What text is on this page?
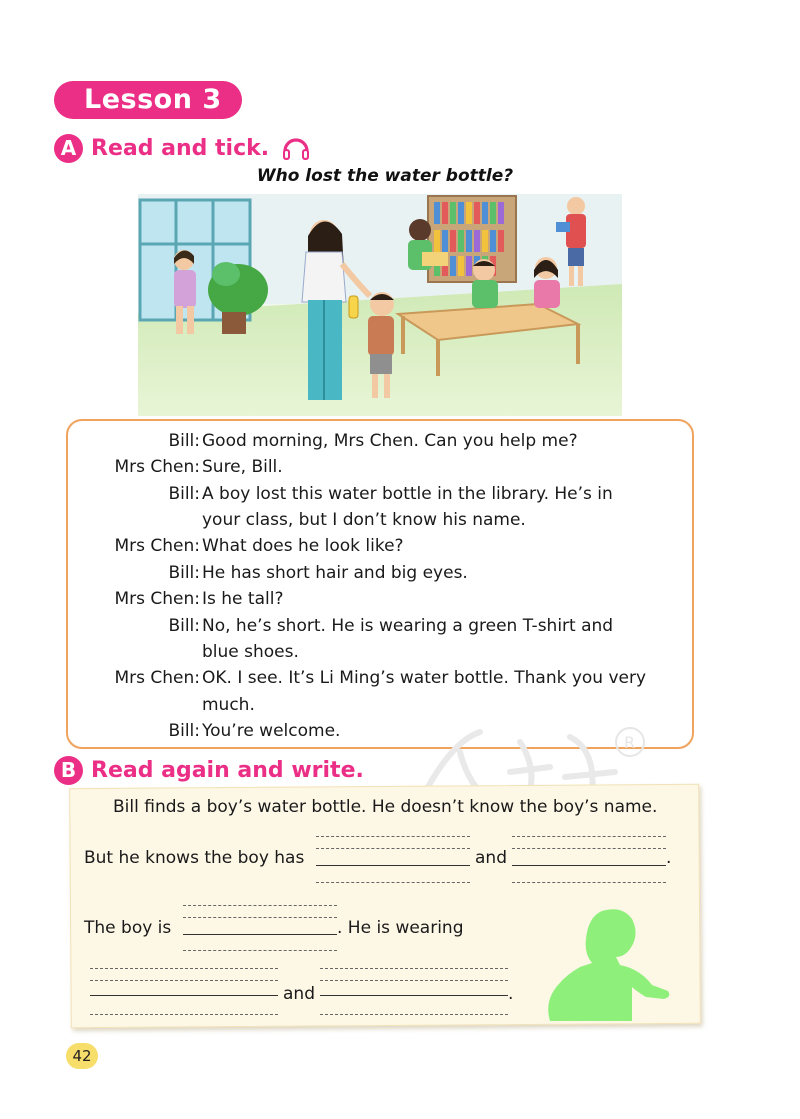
Lesson 3
A Read and tick.
Who lost the water bottle?
Bill: Good morning, Mrs Chen. Can you help me?
Mrs Chen: Sure, Bill.
Bill: A boy lost this water bottle in the library. He’s in
your class, but I don’t know his name.
Mrs Chen: What does he look like?
Bill: He has short hair and big eyes.
Mrs Chen: Is he tall?
Bill: No, he’s short. He is wearing a green T-shirt and
blue shoes.
Mrs Chen: OK. I see. It’s Li Ming’s water bottle. Thank you very
much.
Bill: You’re welcome.
R
B Read again and write.
Bill finds a boy’s water bottle. He doesn’t know the boy’s name.
But he knows the boy has	and	.
The boy is	. He is wearing
and	.
42
